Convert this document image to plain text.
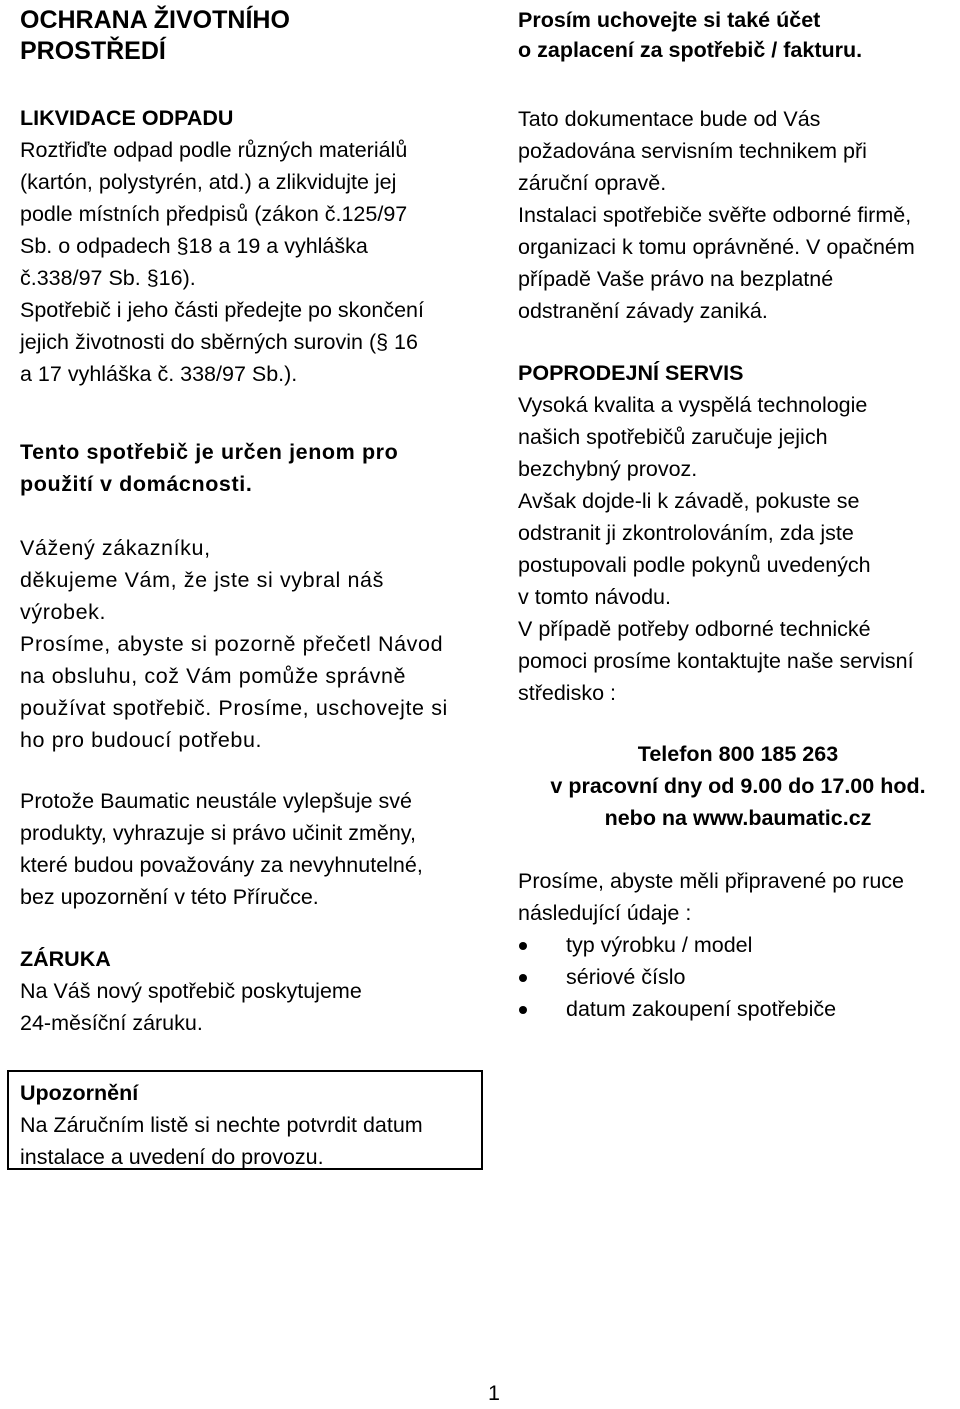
OCHRANA ŽIVOTNÍHO

PROSTŘEDÍ

LIKVIDACE ODPADU

Roztřiďte odpad podle různých materiálů

(kartón, polystyrén, atd.) a zlikvidujte jej

podle místních předpisů (zákon č.125/97

Sb. o odpadech §18 a 19 a vyhláška

č.338/97 Sb. §16).

Spotřebič i jeho části předejte po skončení

jejich životnosti do sběrných surovin (§ 16

a 17 vyhláška č. 338/97 Sb.).

Tento spotřebič je určen jenom pro

použití v domácnosti.

Vážený zákazníku,

děkujeme Vám, že jste si vybral náš

výrobek.

Prosíme, abyste si pozorně přečetl Návod

na obsluhu, což Vám pomůže správně

používat spotřebič. Prosíme, uschovejte si

ho pro budoucí potřebu.

Protože Baumatic neustále vylepšuje své

produkty, vyhrazuje si právo učinit změny,

které budou považovány za nevyhnutelné,

bez upozornění v této Příručce.

ZÁRUKA

Na Váš nový spotřebič poskytujeme

24-měsíční záruku.

Prosím uchovejte si také účet

o zaplacení za spotřebič / fakturu.

Tato dokumentace bude od Vás

požadována servisním technikem při

záruční opravě.

Instalaci spotřebiče svěřte odborné firmě,

organizaci k tomu oprávněné. V opačném

případě Vaše právo na bezplatné

odstranění závady zaniká.

POPRODEJNÍ SERVIS

Vysoká kvalita a vyspělá technologie

našich spotřebičů zaručuje jejich

bezchybný provoz.

Avšak dojde-li k závadě, pokuste se

odstranit ji zkontrolováním, zda jste

postupovali podle pokynů uvedených

v tomto návodu.

V případě potřeby odborné technické

pomoci prosíme kontaktujte naše servisní

středisko :

Telefon 800 185 263

v pracovní dny od 9.00 do 17.00 hod.

nebo na www.baumatic.cz

Prosíme, abyste měli připravené po ruce

následující údaje :

typ výrobku / model
sériové číslo
datum zakoupení spotřebiče

Upozornění

Na Záručním listě si nechte potvrdit datum

instalace a uvedení do provozu.

1
